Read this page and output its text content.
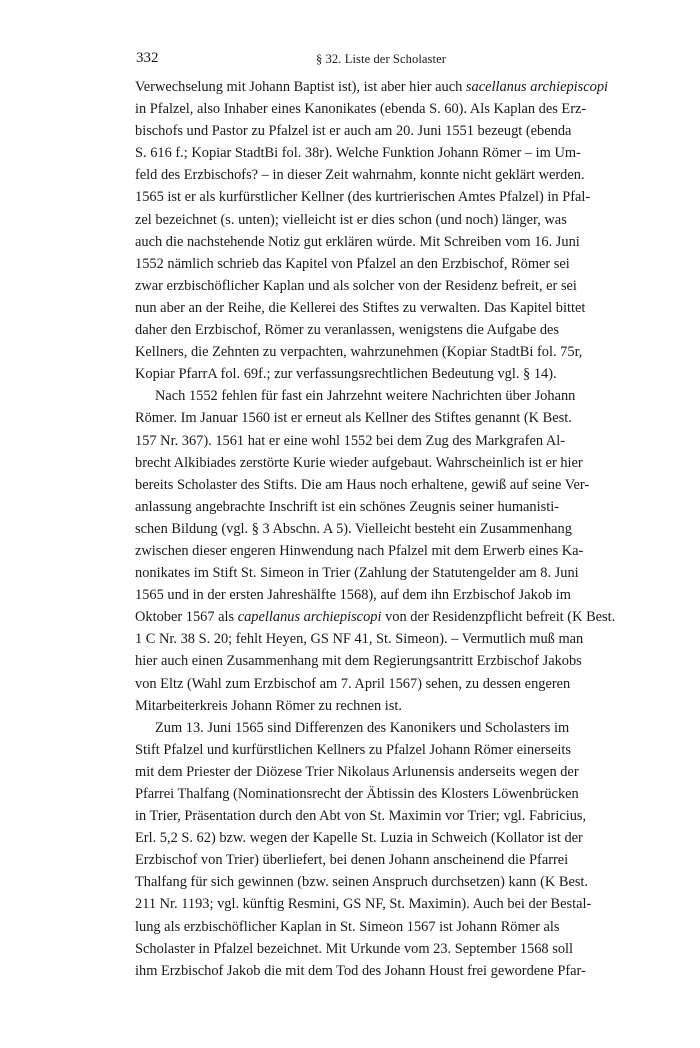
332	§ 32. Liste der Scholaster
Verwechselung mit Johann Baptist ist), ist aber hier auch sacellanus archiepiscopi
in Pfalzel, also Inhaber eines Kanonikates (ebenda S. 60). Als Kaplan des Erz-
bischofs und Pastor zu Pfalzel ist er auch am 20. Juni 1551 bezeugt (ebenda
S. 616 f.; Kopiar StadtBi fol. 38r). Welche Funktion Johann Römer – im Um-
feld des Erzbischofs? – in dieser Zeit wahrnahm, konnte nicht geklärt werden.
1565 ist er als kurfürstlicher Kellner (des kurtrierischen Amtes Pfalzel) in Pfal-
zel bezeichnet (s. unten); vielleicht ist er dies schon (und noch) länger, was
auch die nachstehende Notiz gut erklären würde. Mit Schreiben vom 16. Juni
1552 nämlich schrieb das Kapitel von Pfalzel an den Erzbischof, Römer sei
zwar erzbischöflicher Kaplan und als solcher von der Residenz befreit, er sei
nun aber an der Reihe, die Kellerei des Stiftes zu verwalten. Das Kapitel bittet
daher den Erzbischof, Römer zu veranlassen, wenigstens die Aufgabe des
Kellners, die Zehnten zu verpachten, wahrzunehmen (Kopiar StadtBi fol. 75r,
Kopiar PfarrA fol. 69f.; zur verfassungsrechtlichen Bedeutung vgl. § 14).
Nach 1552 fehlen für fast ein Jahrzehnt weitere Nachrichten über Johann
Römer. Im Januar 1560 ist er erneut als Kellner des Stiftes genannt (K Best.
157 Nr. 367). 1561 hat er eine wohl 1552 bei dem Zug des Markgrafen Al-
brecht Alkibiades zerstörte Kurie wieder aufgebaut. Wahrscheinlich ist er hier
bereits Scholaster des Stifts. Die am Haus noch erhaltene, gewiß auf seine Ver-
anlassung angebrachte Inschrift ist ein schönes Zeugnis seiner humanisti-
schen Bildung (vgl. § 3 Abschn. A 5). Vielleicht besteht ein Zusammenhang
zwischen dieser engeren Hinwendung nach Pfalzel mit dem Erwerb eines Ka-
nonikates im Stift St. Simeon in Trier (Zahlung der Statutengelder am 8. Juni
1565 und in der ersten Jahreshälfte 1568), auf dem ihn Erzbischof Jakob im
Oktober 1567 als capellanus archiepiscopi von der Residenzpflicht befreit (K Best.
1 C Nr. 38 S. 20; fehlt Heyen, GS NF 41, St. Simeon). – Vermutlich muß man
hier auch einen Zusammenhang mit dem Regierungsantritt Erzbischof Jakobs
von Eltz (Wahl zum Erzbischof am 7. April 1567) sehen, zu dessen engeren
Mitarbeiterkreis Johann Römer zu rechnen ist.
Zum 13. Juni 1565 sind Differenzen des Kanonikers und Scholasters im
Stift Pfalzel und kurfürstlichen Kellners zu Pfalzel Johann Römer einerseits
mit dem Priester der Diözese Trier Nikolaus Arlunensis anderseits wegen der
Pfarrei Thalfang (Nominationsrecht der Äbtissin des Klosters Löwenbrücken
in Trier, Präsentation durch den Abt von St. Maximin vor Trier; vgl. Fabricius,
Erl. 5,2 S. 62) bzw. wegen der Kapelle St. Luzia in Schweich (Kollator ist der
Erzbischof von Trier) überliefert, bei denen Johann anscheinend die Pfarrei
Thalfang für sich gewinnen (bzw. seinen Anspruch durchsetzen) kann (K Best.
211 Nr. 1193; vgl. künftig Resmini, GS NF, St. Maximin). Auch bei der Bestal-
lung als erzbischöflicher Kaplan in St. Simeon 1567 ist Johann Römer als
Scholaster in Pfalzel bezeichnet. Mit Urkunde vom 23. September 1568 soll
ihm Erzbischof Jakob die mit dem Tod des Johann Houst frei gewordene Pfar-
